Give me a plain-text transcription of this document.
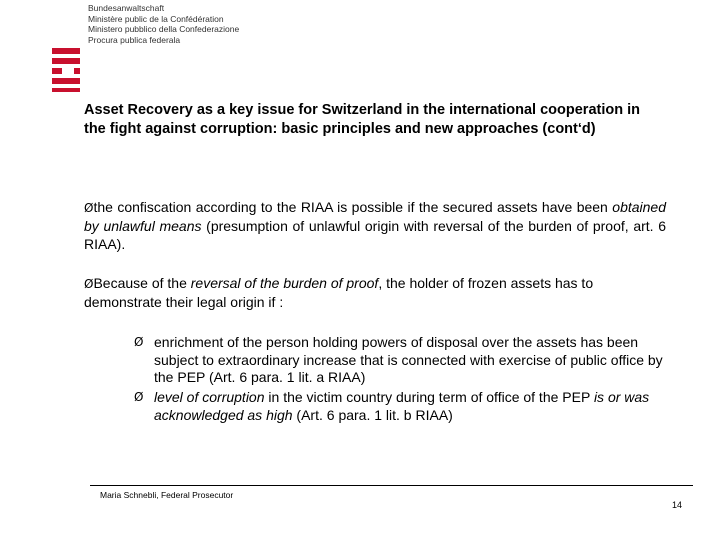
Bundesanwaltschaft
Ministère public de la Confédération
Ministero pubblico della Confederazione
Procura publica federala
Asset Recovery as a key issue for Switzerland in the international cooperation in the fight against corruption: basic principles and new approaches (cont‘d)
Øthe confiscation according to the RIAA is possible if the secured assets have been obtained by unlawful means (presumption of unlawful origin with reversal of the burden of proof, art. 6 RIAA).
ØBecause of the reversal of the burden of proof, the holder of frozen assets has to demonstrate their legal origin if :
Ø enrichment of the person holding powers of disposal over the assets has been subject to extraordinary increase that is connected with exercise of public office by the PEP (Art. 6 para. 1 lit. a RIAA)
Ø level of corruption in the victim country during term of office of the PEP is or was acknowledged as high (Art. 6 para. 1 lit. b RIAA)
Maria Schnebli, Federal Prosecutor
14
